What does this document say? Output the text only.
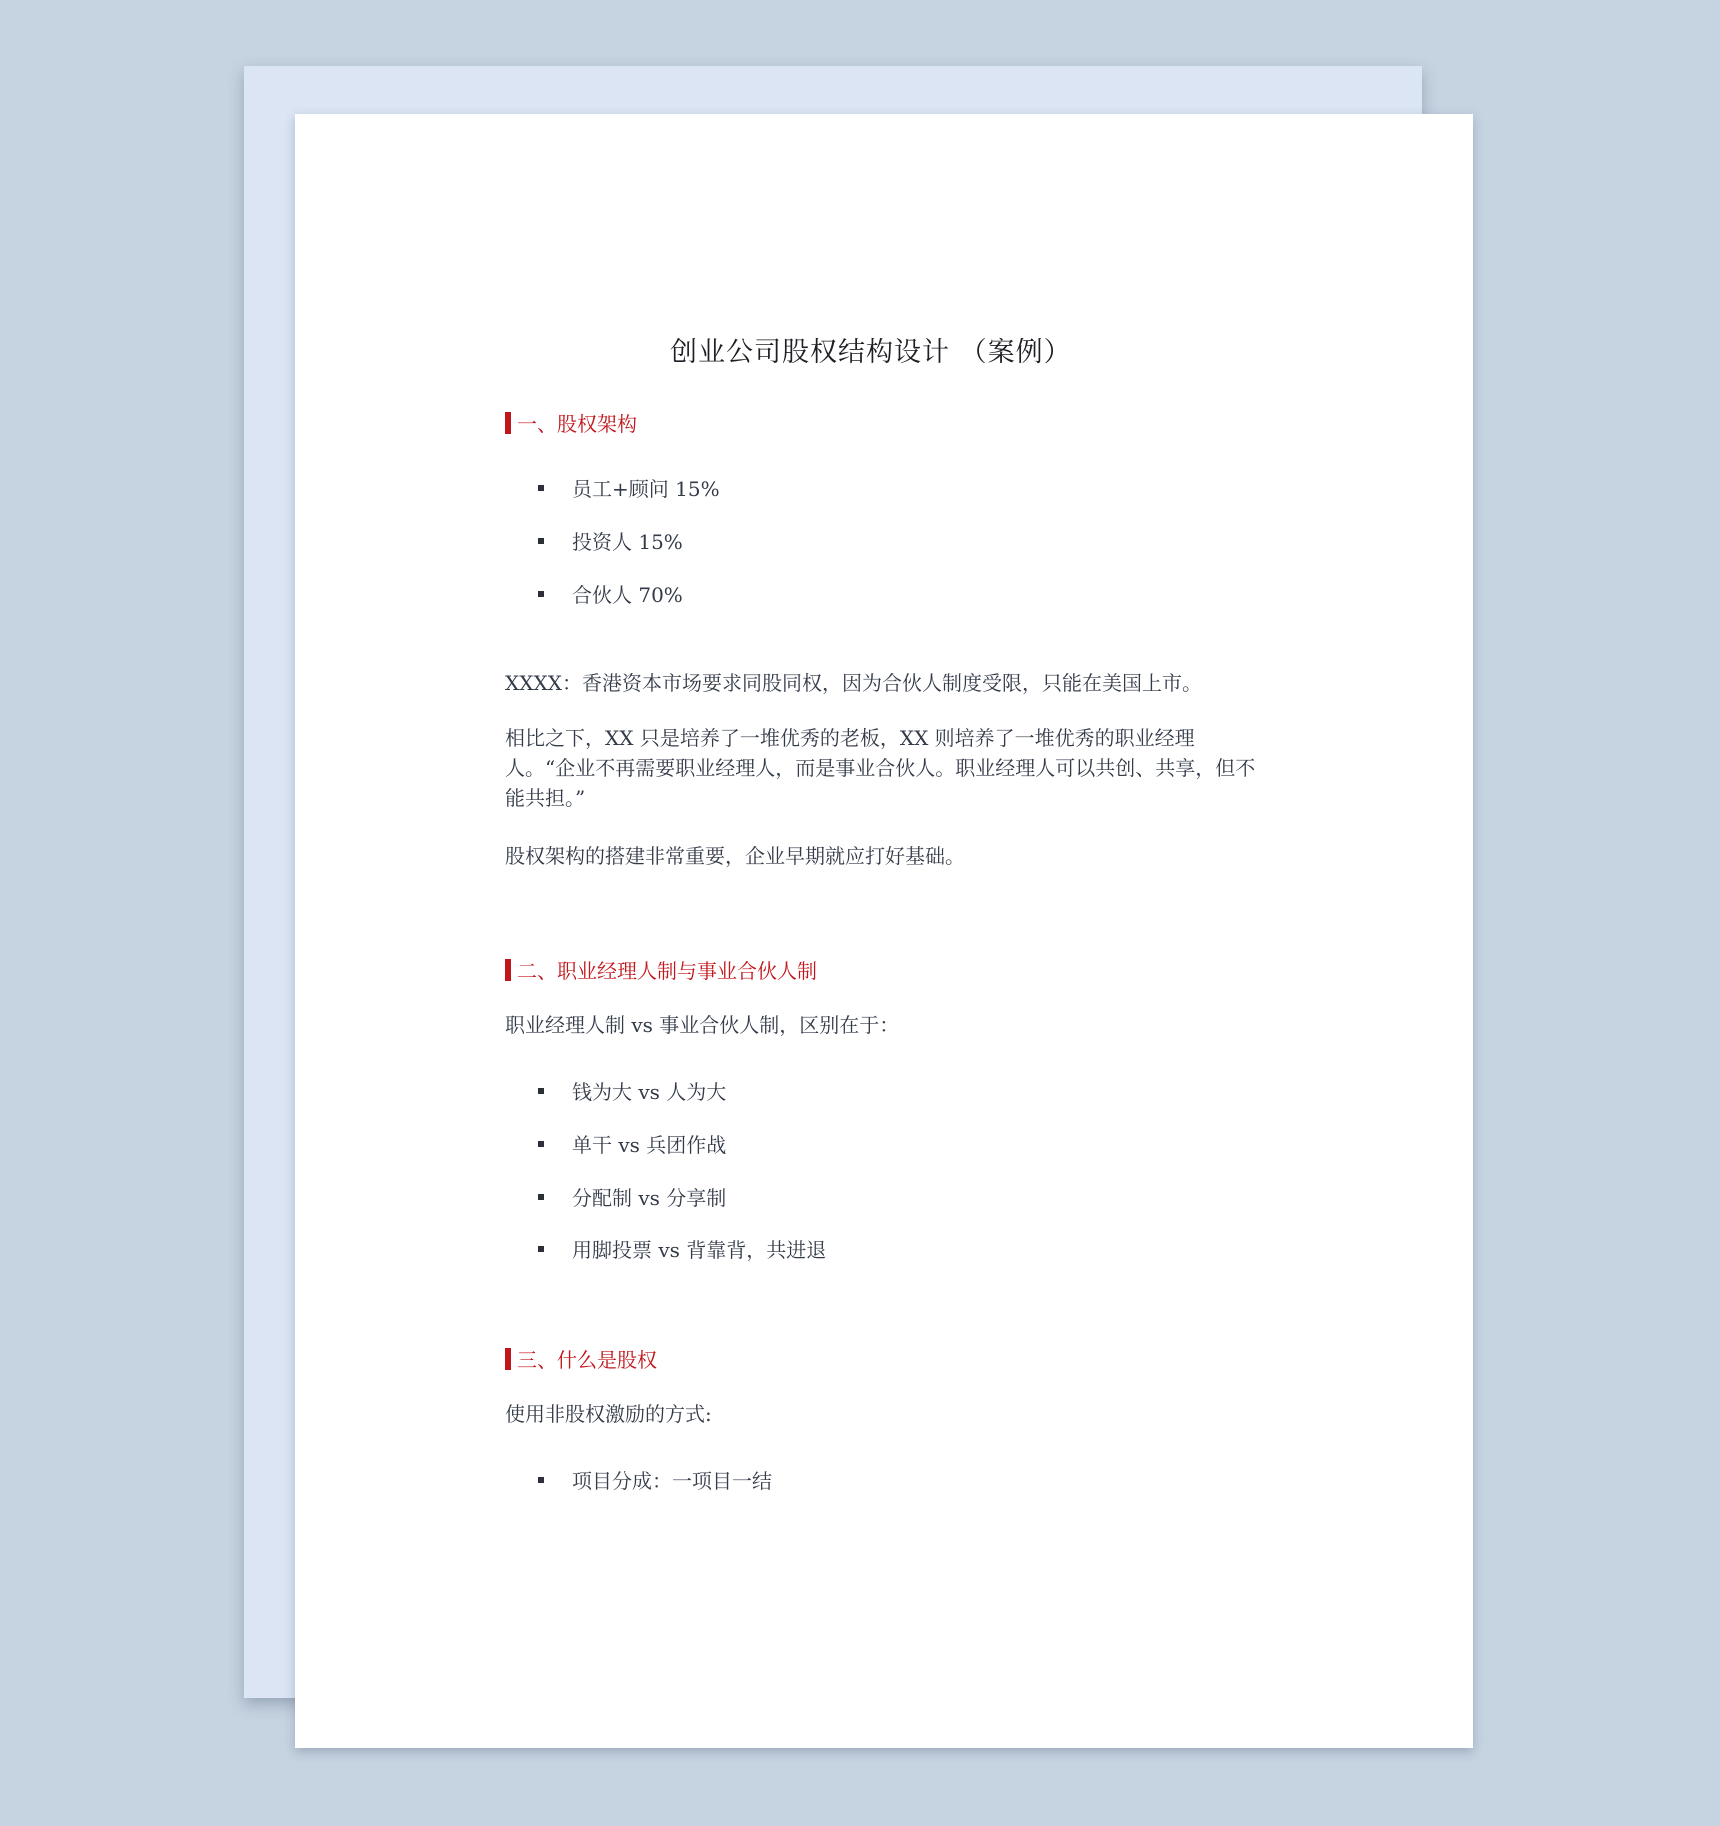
创业公司股权结构设计 （案例）
一、股权架构
员工+顾问 15%
投资人 15%
合伙人 70%
XXXX：香港资本市场要求同股同权，因为合伙人制度受限，只能在美国上市。
相比之下，XX 只是培养了一堆优秀的老板，XX 则培养了一堆优秀的职业经理人。“企业不再需要职业经理人，而是事业合伙人。职业经理人可以共创、共享，但不能共担。”
股权架构的搭建非常重要，企业早期就应打好基础。
二、职业经理人制与事业合伙人制
职业经理人制 vs 事业合伙人制，区别在于：
钱为大 vs 人为大
单干 vs 兵团作战
分配制 vs 分享制
用脚投票 vs 背靠背，共进退
三、什么是股权
使用非股权激励的方式:
项目分成：一项目一结
